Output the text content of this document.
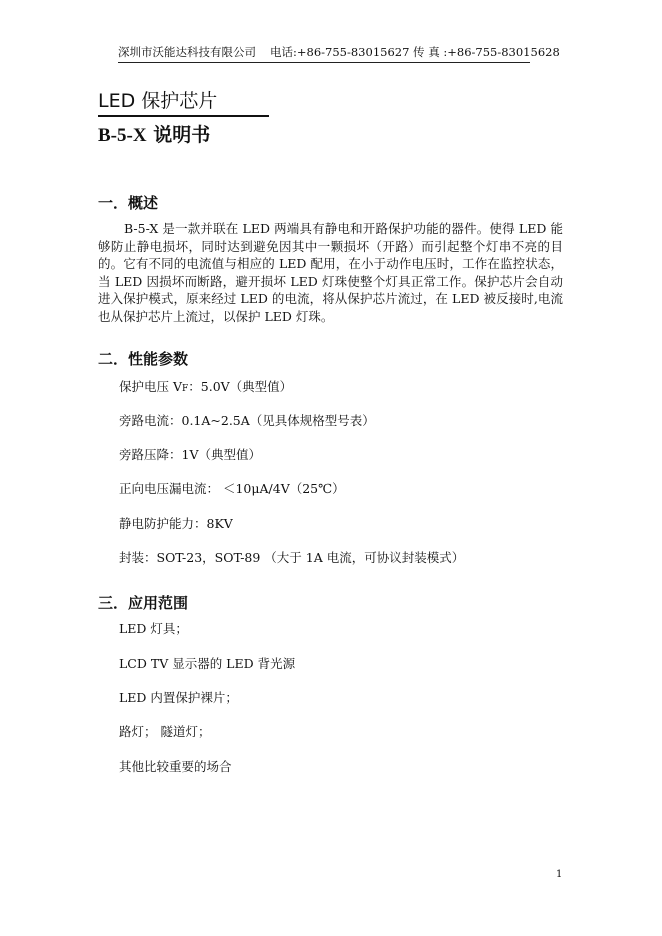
深圳市沃能达科技有限公司 电话:+86-755-83015627 传 真 :+86-755-83015628
LED 保护芯片
B-5-X 说明书
一．概述
B-5-X 是一款并联在 LED 两端具有静电和开路保护功能的器件。使得 LED 能够防止静电损坏，同时达到避免因其中一颗损坏（开路）而引起整个灯串不亮的目的。它有不同的电流值与相应的 LED 配用，在小于动作电压时，工作在监控状态，当 LED 因损坏而断路，避开损坏 LED 灯珠使整个灯具正常工作。保护芯片会自动进入保护模式，原来经过 LED 的电流，将从保护芯片流过，在 LED 被反接时,电流也从保护芯片上流过，以保护 LED 灯珠。
二．性能参数
保护电压 VF：5.0V（典型值）
旁路电流：0.1A~2.5A（见具体规格型号表）
旁路压降：1V（典型值）
正向电压漏电流： ＜10μA/4V（25℃）
静电防护能力：8KV
封装：SOT-23，SOT-89 （大于 1A 电流，可协议封装模式）
三．应用范围
LED 灯具；
LCD TV 显示器的 LED 背光源
LED 内置保护裸片；
路灯； 隧道灯；
其他比较重要的场合
1
